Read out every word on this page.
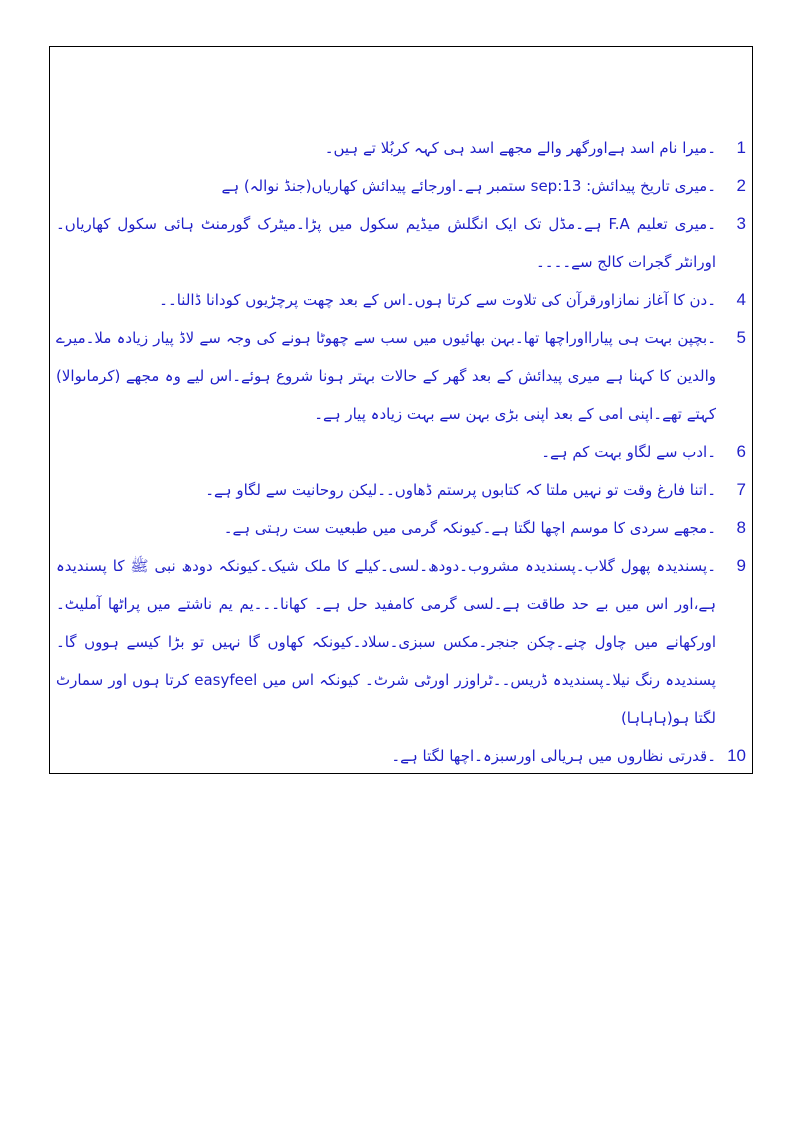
1
۔میرا نام اسد ہےاورگھر والے مجھے اسد ہی کہہ کربُلا تے ہیں۔
2
۔میری تاریخ پیدائش: 13:sep ستمبر ہے۔اورجائے پیدائش کھاریاں(جنڈ نوالہ) ہے
3
۔میری تعلیم F.A ہے۔مڈل تک ایک انگلش میڈیم سکول میں پڑا۔میٹرک گورمنٹ ہائی سکول کھاریاں۔اورانٹر گجرات کالج سے۔۔۔۔
4
۔دن کا آغاز نمازاورقرآن کی تلاوت سے کرتا ہوں۔اس کے بعد چھت پرچڑیوں کودانا ڈالنا۔۔
5
۔بچپن بہت ہی پیارااوراچھا تھا۔بہن بھائیوں میں سب سے چھوٹا ہونے کی وجہ سے لاڈ پیار زیادہ ملا۔میرے والدین کا کہنا ہے میری پیدائش کے بعد گھر کے حالات بہتر ہونا شروع ہوئے۔اس لیے وہ مجھے (کرماںوالا) کہتے تھے۔اپنی امی کے بعد اپنی بڑی بہن سے بہت زیادہ پیار ہے۔
6
۔ادب سے لگاو بہت کم ہے۔
7
۔اتنا فارغ وقت تو نہیں ملتا کہ کتابوں پرستم ڈھاوں۔۔لیکن روحانیت سے لگاو ہے۔
8
۔مجھے سردی کا موسم اچھا لگتا ہے۔کیونکہ گرمی میں طبعیت ست رہتی ہے۔
9
۔پسندیدہ پھول گلاب۔پسندیدہ مشروب۔دودھ۔لسی۔کیلے کا ملک شیک۔کیونکہ دودھ نبی ﷺ کا پسندیدہ ہے،اور اس میں بے حد طاقت ہے۔لسی گرمی کامفید حل ہے۔ کھانا۔۔۔یم یم ناشتے میں پراٹھا آملیٹ۔اورکھانے میں چاول چنے۔چکن جنجر۔مکس سبزی۔سلاد۔کیونکہ کھاوں گا نہیں تو بڑا کیسے ہووں گا۔پسندیدہ رنگ نیلا۔پسندیدہ ڈریس۔۔ٹراوزر اورٹی شرٹ۔ کیونکہ اس میں easyfeel کرتا ہوں اور سمارٹ لگتا ہو(ہاہاہا)
10
۔قدرتی نظاروں میں ہریالی اورسبزہ۔اچھا لگتا ہے۔
